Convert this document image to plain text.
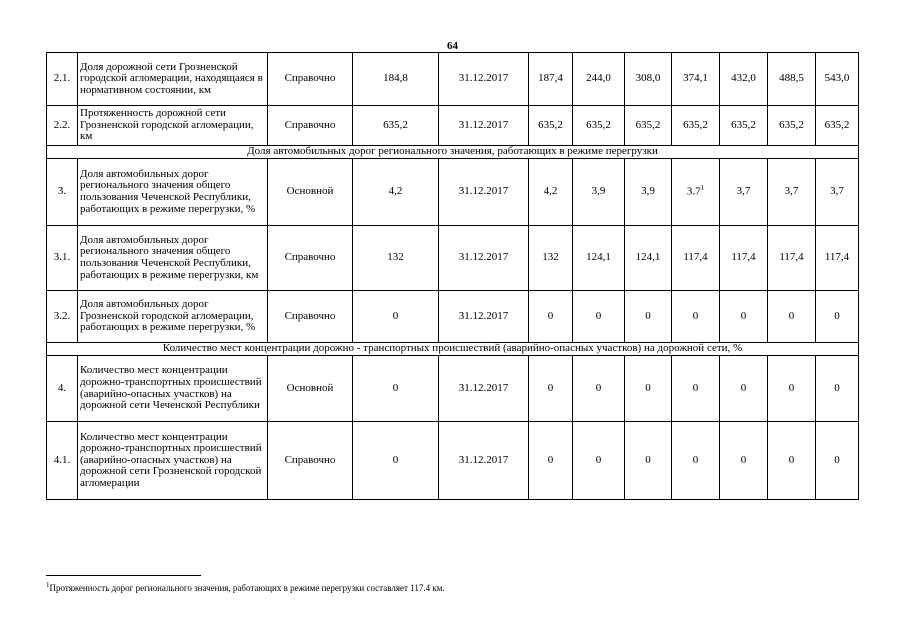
64
2.1.	Доля дорожной сети Грозненской городской агломерации, находящаяся в нормативном состоянии, км	Справочно	184,8	31.12.2017	187,4	244,0	308,0	374,1	432,0	488,5	543,0
2.2.	Протяженность дорожной сети Грозненской городской агломерации, км	Справочно	635,2	31.12.2017	635,2	635,2	635,2	635,2	635,2	635,2	635,2
Доля автомобильных дорог регионального значения, работающих в режиме перегрузки											
3.	Доля автомобильных дорог регионального значения общего пользования Чеченской Республики, работающих в режиме перегрузки, %	Основной	4,2	31.12.2017	4,2	3,9	3,9	$3.7^1$	3,7	3,7	3,7
3.1.	Доля автомобильных дорог регионального значения общего пользования Чеченской Республики, работающих в режиме перегрузки, км	Справочно	132	31.12.2017	132	124,1	124,1	117,4	117,4	117,4	117,4
3.2.	Доля автомобильных дорог Грозненской городской агломерации, работающих в режиме перегрузки, %	Справочно	0	31.12.2017	0	0	0	0	0	0	0
Количество мест концентрации дорожно - транспортных происшествий (аварийно-опасных участков) на дорожной сети, %											
4.	Количество мест концентрации дорожно-транспортных происшествий (аварийно-опасных участков) на дорожной сети Чеченской Республики	Основной	0	31.12.2017	0	0	0	0	0	0	0
4.1.	Количество мест концентрации дорожно-транспортных происшествий (аварийно-опасных участков) на дорожной сети Грозненской городской агломерации	Справочно	0	31.12.2017	0	0	0	0	0	0	0
$^1$Протяженность дорог регионального значения, работающих в режиме перегрузки составляет 117.4 км.
